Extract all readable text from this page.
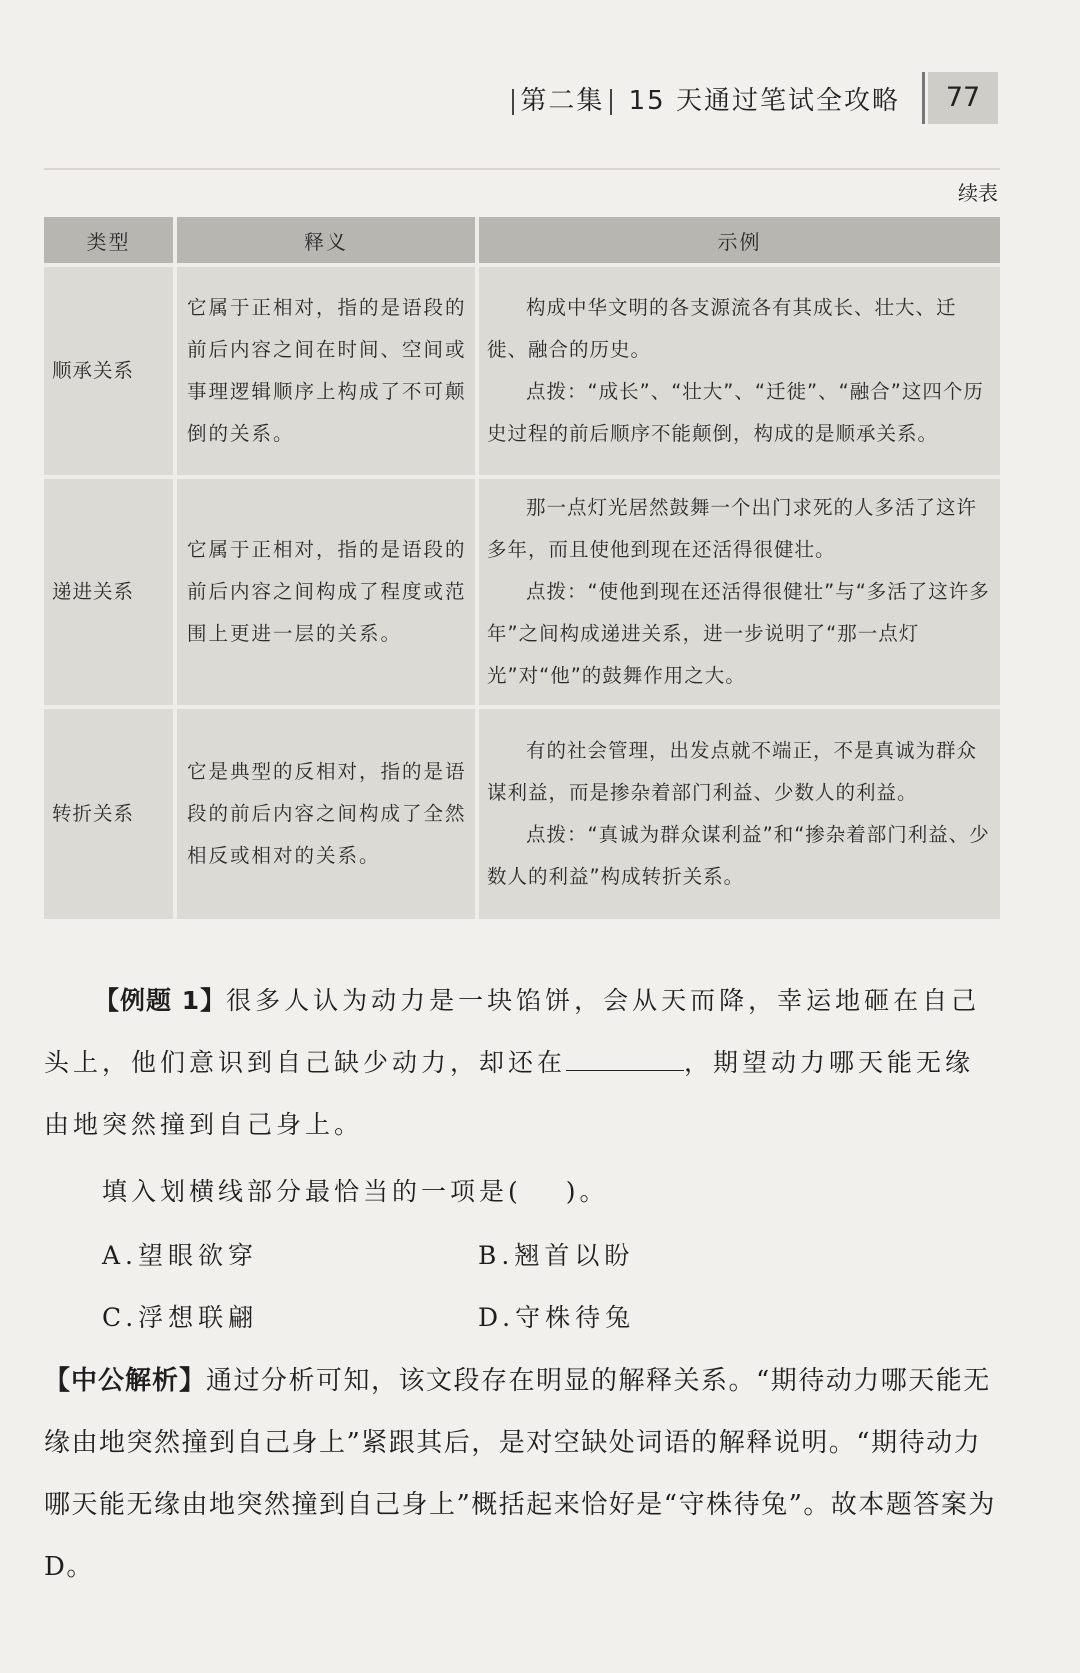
第二集 15 天通过笔试全攻略	77
续表
类型	释义	示例
顺承关系	它属于正相对，指的是语段的前后内容之间在时间、空间或事理逻辑顺序上构成了不可颠倒的关系。	构成中华文明的各支源流各有其成长、壮大、迁徙、融合的历史。

点拨：“成长”、“壮大”、“迁徙”、“融合”这四个历史过程的前后顺序不能颠倒，构成的是顺承关系。

递进关系	它属于正相对，指的是语段的前后内容之间构成了程度或范围上更进一层的关系。	那一点灯光居然鼓舞一个出门求死的人多活了这许多年，而且使他到现在还活得很健壮。

点拨：“使他到现在还活得很健壮”与“多活了这许多年”之间构成递进关系，进一步说明了“那一点灯光”对“他”的鼓舞作用之大。

转折关系	它是典型的反相对，指的是语段的前后内容之间构成了全然相反或相对的关系。	有的社会管理，出发点就不端正，不是真诚为群众谋利益，而是掺杂着部门利益、少数人的利益。

点拨：“真诚为群众谋利益”和“掺杂着部门利益、少数人的利益”构成转折关系。

【例题 1】很多人认为动力是一块馅饼，会从天而降，幸运地砸在自己头上，他们意识到自己缺少动力，却还在	，期望动力哪天能无缘由地突然撞到自己身上。
填入划横线部分最恰当的一项是( )。
A.望眼欲穿	B.翘首以盼
C.浮想联翩	D.守株待兔
【中公解析】通过分析可知，该文段存在明显的解释关系。“期待动力哪天能无缘由地突然撞到自己身上”紧跟其后，是对空缺处词语的解释说明。“期待动力哪天能无缘由地突然撞到自己身上”概括起来恰好是“守株待兔”。故本题答案为 D。
